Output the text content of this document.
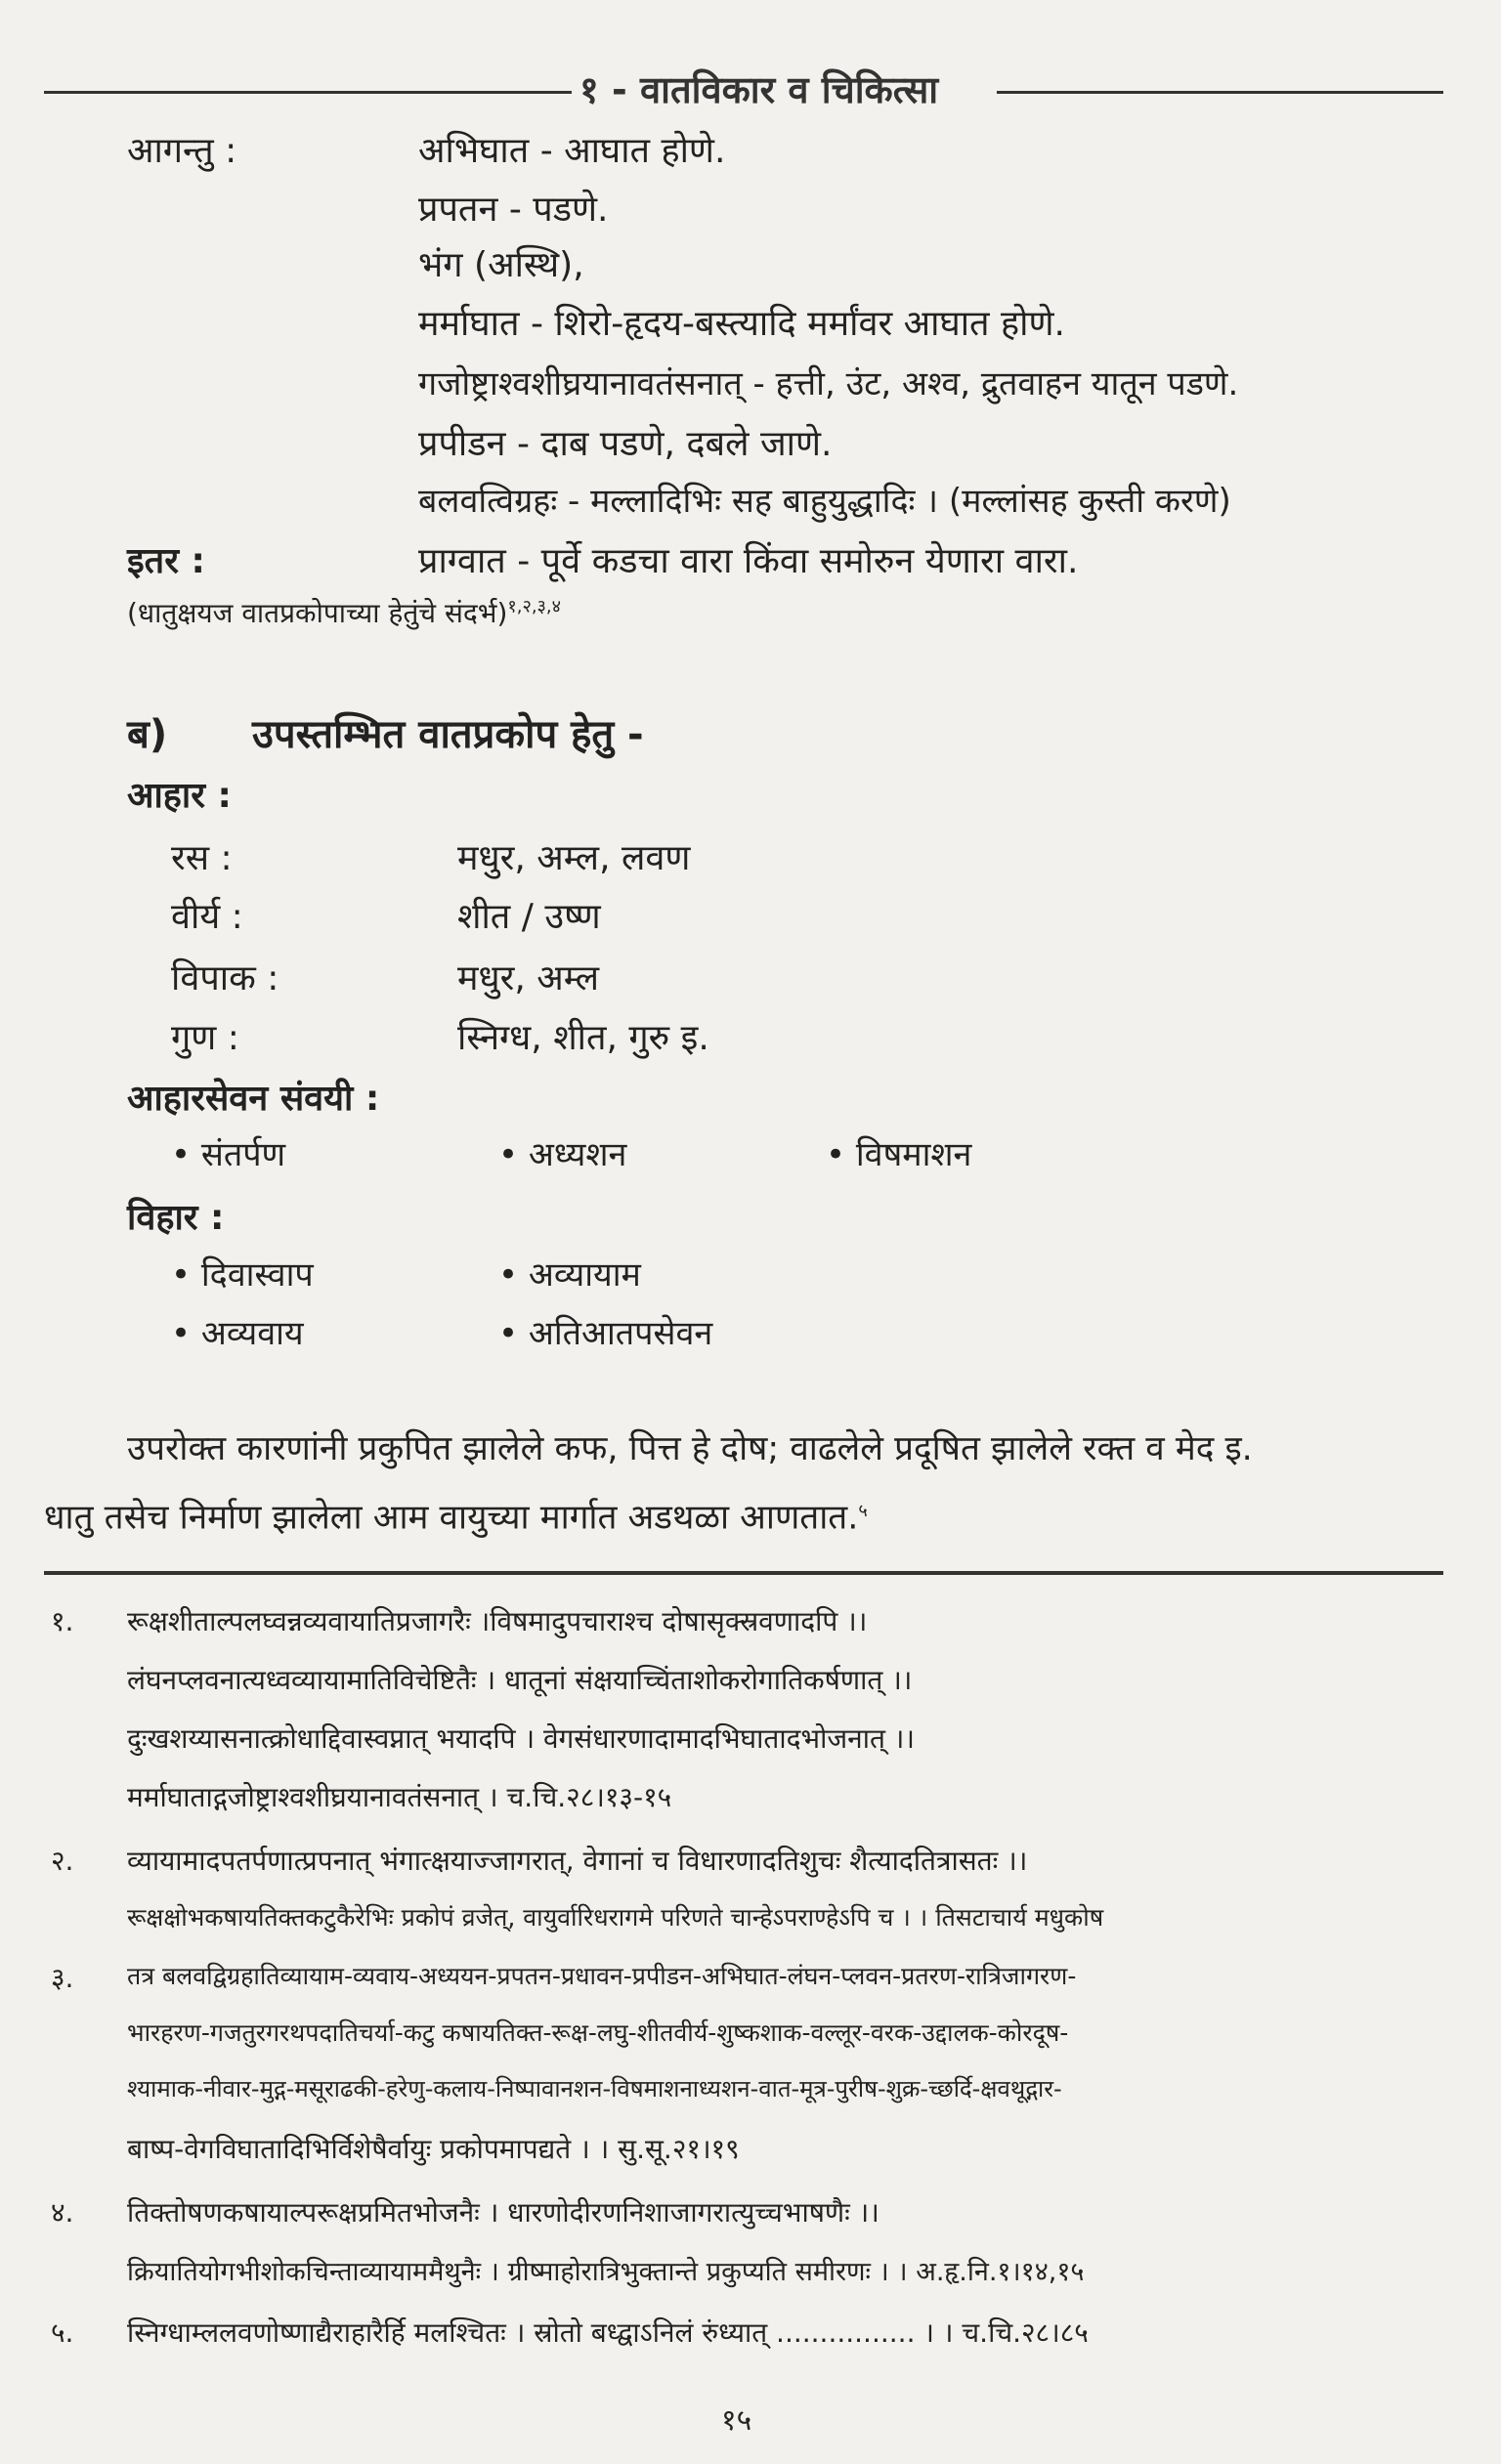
१ - वातविकार व चिकित्सा
आगन्तु :	अभिघात - आघात होणे.
प्रपतन - पडणे.
भंग (अस्थि),
मर्माघात - शिरो-हृदय-बस्त्यादि मर्मांवर आघात होणे.
गजोष्ट्राश्वशीघ्रयानावतंसनात् - हत्ती, उंट, अश्व, द्रुतवाहन यातून पडणे.
प्रपीडन - दाब पडणे, दबले जाणे.
बलवत्विग्रहः - मल्लादिभिः सह बाहुयुद्धादिः । (मल्लांसह कुस्ती करणे)
इतर :	प्राग्वात - पूर्वे कडचा वारा किंवा समोरुन येणारा वारा.
(धातुक्षयज वातप्रकोपाच्या हेतुंचे संदर्भ)$^{१,२,३,४}$
ब) उपस्तम्भित वातप्रकोप हेतु -
आहार :
रस :	मधुर, अम्ल, लवण
वीर्य :	शीत / उष्ण
विपाक :	मधुर, अम्ल
गुण :	स्निग्ध, शीत, गुरु इ.
आहारसेवन संवयी :
• संतर्पण	• अध्यशन	• विषमाशन
विहार :
• दिवास्वाप	• अव्यायाम
• अव्यवाय	• अतिआतपसेवन
उपरोक्त कारणांनी प्रकुपित झालेले कफ, पित्त हे दोष; वाढलेले प्रदूषित झालेले रक्त व मेद इ.
धातु तसेच निर्माण झालेला आम वायुच्या मार्गात अडथळा आणतात.$^५$
१. रूक्षशीताल्पलघ्वन्नव्यवायातिप्रजागरैः ।विषमादुपचाराश्च दोषासृक्स्रवणादपि ।।
लंघनप्लवनात्यध्वव्यायामातिविचेष्टितैः । धातूनां संक्षयाच्चिंताशोकरोगातिकर्षणात् ।।
दुःखशय्यासनात्क्रोधाद्दिवास्वप्नात् भयादपि । वेगसंधारणादामादभिघातादभोजनात् ।।
मर्माघाताद्गजोष्ट्राश्वशीघ्रयानावतंसनात् । च.चि.२८।१३-१५
२. व्यायामादपतर्पणात्प्रपनात् भंगात्क्षयाज्जागरात्, वेगानां च विधारणादतिशुचः शैत्यादतित्रासतः ।।
रूक्षक्षोभकषायतिक्तकटुकैरेभिः प्रकोपं व्रजेत्, वायुर्वारिधरागमे परिणते चान्हेऽपराण्हेऽपि च । । तिसटाचार्य मधुकोष
३. तत्र बलवद्विग्रहातिव्यायाम-व्यवाय-अध्ययन-प्रपतन-प्रधावन-प्रपीडन-अभिघात-लंघन-प्लवन-प्रतरण-रात्रिजागरण-
भारहरण-गजतुरगरथपदातिचर्या-कटु कषायतिक्त-रूक्ष-लघु-शीतवीर्य-शुष्कशाक-वल्लूर-वरक-उद्दालक-कोरदूष-
श्यामाक-नीवार-मुद्ग-मसूराढकी-हरेणु-कलाय-निष्पावानशन-विषमाशनाध्यशन-वात-मूत्र-पुरीष-शुक्र-च्छर्दि-क्षवथूद्गार-
बाष्प-वेगविघातादिभिर्विशेषैर्वायुः प्रकोपमापद्यते । । सु.सू.२१।१९
४. तिक्तोषणकषायाल्परूक्षप्रमितभोजनैः । धारणोदीरणनिशाजागरात्युच्चभाषणैः ।।
क्रियातियोगभीशोकचिन्ताव्यायाममैथुनैः । ग्रीष्माहोरात्रिभुक्तान्ते प्रकुप्यति समीरणः । । अ.हृ.नि.१।१४,१५
५. स्निग्धाम्ललवणोष्णाद्यैराहारैर्हि मलश्चितः । स्रोतो बध्द्वाऽनिलं रुंध्यात् ................ । । च.चि.२८।८५
१५
